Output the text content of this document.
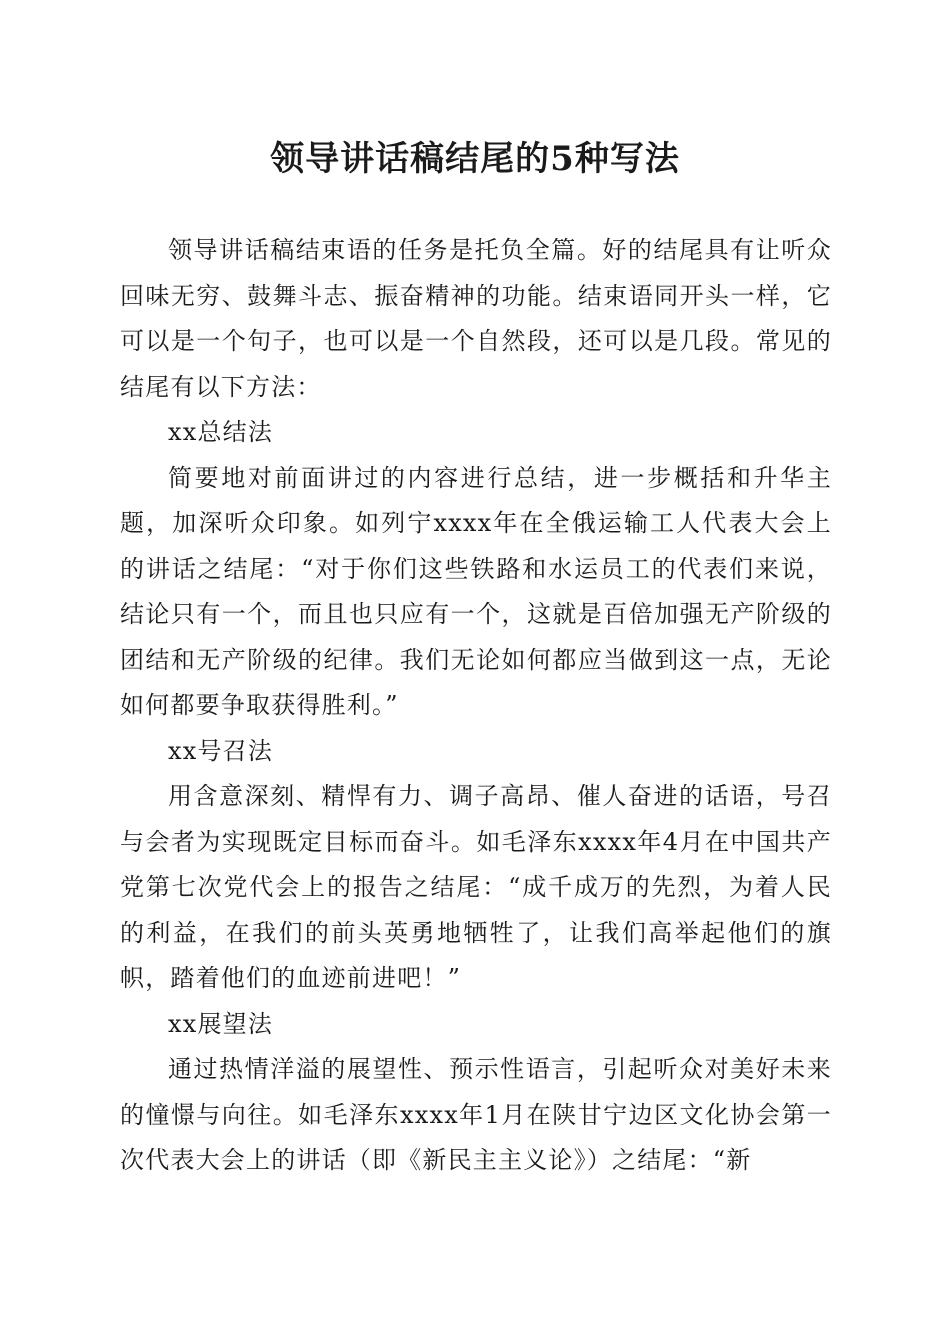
领导讲话稿结尾的5种写法

领导讲话稿结束语的任务是托负全篇。好的结尾具有让听众回味无穷、鼓舞斗志、振奋精神的功能。结束语同开头一样，它可以是一个句子，也可以是一个自然段，还可以是几段。常见的结尾有以下方法：

xx总结法

简要地对前面讲过的内容进行总结，进一步概括和升华主题，加深听众印象。如列宁xxxx年在全俄运输工人代表大会上的讲话之结尾：“对于你们这些铁路和水运员工的代表们来说，结论只有一个，而且也只应有一个，这就是百倍加强无产阶级的团结和无产阶级的纪律。我们无论如何都应当做到这一点，无论如何都要争取获得胜利。”

xx号召法

用含意深刻、精悍有力、调子高昂、催人奋进的话语，号召与会者为实现既定目标而奋斗。如毛泽东xxxx年4月在中国共产党第七次党代会上的报告之结尾：“成千成万的先烈，为着人民的利益，在我们的前头英勇地牺牲了，让我们高举起他们的旗帜，踏着他们的血迹前进吧！”

xx展望法

通过热情洋溢的展望性、预示性语言，引起听众对美好未来的憧憬与向往。如毛泽东xxxx年1月在陕甘宁边区文化协会第一次代表大会上的讲话（即《新民主主义论》）之结尾：“新
